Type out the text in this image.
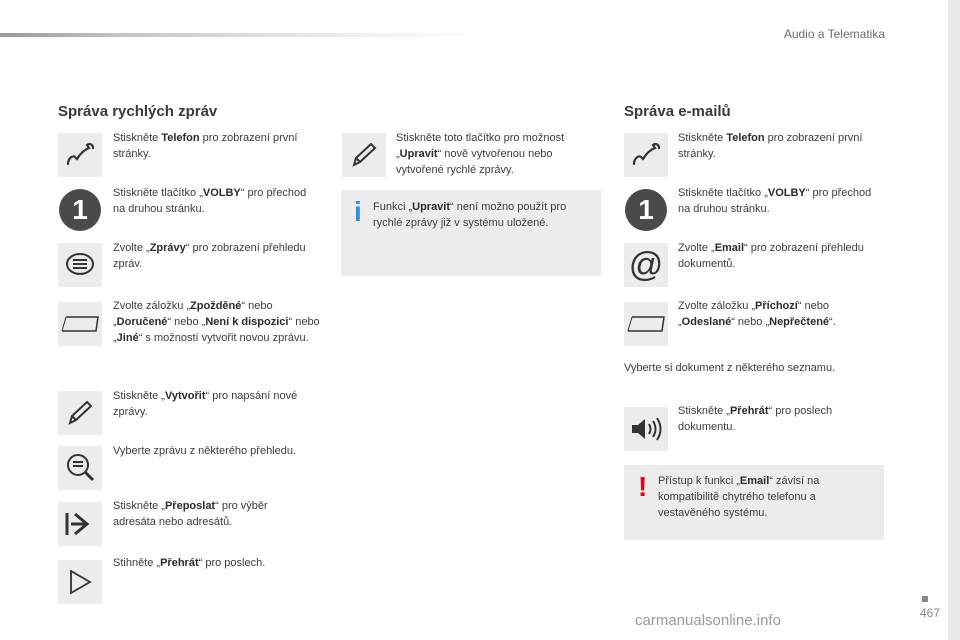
Audio a Telematika
Správa rychlých zpráv
Stiskněte Telefon pro zobrazení první stránky.
1
Stiskněte tlačítko „VOLBY“ pro přechod na druhou stránku.
Zvolte „Zprávy“ pro zobrazení přehledu zpráv.
Zvolte záložku „Zpožděné“ nebo „Doručené“ nebo „Není k dispozici“ nebo „Jiné“ s možností vytvořit novou zprávu.
Stiskněte „Vytvořit“ pro napsání nové zprávy.
Vyberte zprávu z některého přehledu.
Stiskněte „Přeposlat“ pro výběr adresáta nebo adresátů.
Stihněte „Přehrát“ pro poslech.
Stiskněte toto tlačítko pro možnost „Upravit“ nově vytvořenou nebo vytvořené rychlé zprávy.
i Funkci „Upravit“ není možno použít pro rychlé zprávy již v systému uložené.
Správa e-mailů
Stiskněte Telefon pro zobrazení první stránky.
1
Stiskněte tlačítko „VOLBY“ pro přechod na druhou stránku.
@ Zvolte „Email“ pro zobrazení přehledu dokumentů.
Zvolte záložku „Příchozí“ nebo „Odeslané“ nebo „Nepřečtené“.
Vyberte si dokument z některého seznamu.
Stiskněte „Přehrát“ pro poslech dokumentu.
! Přístup k funkci „Email“ závisí na kompatibilitě chytrého telefonu a vestavěného systému.
467
carmanualsonline.info
